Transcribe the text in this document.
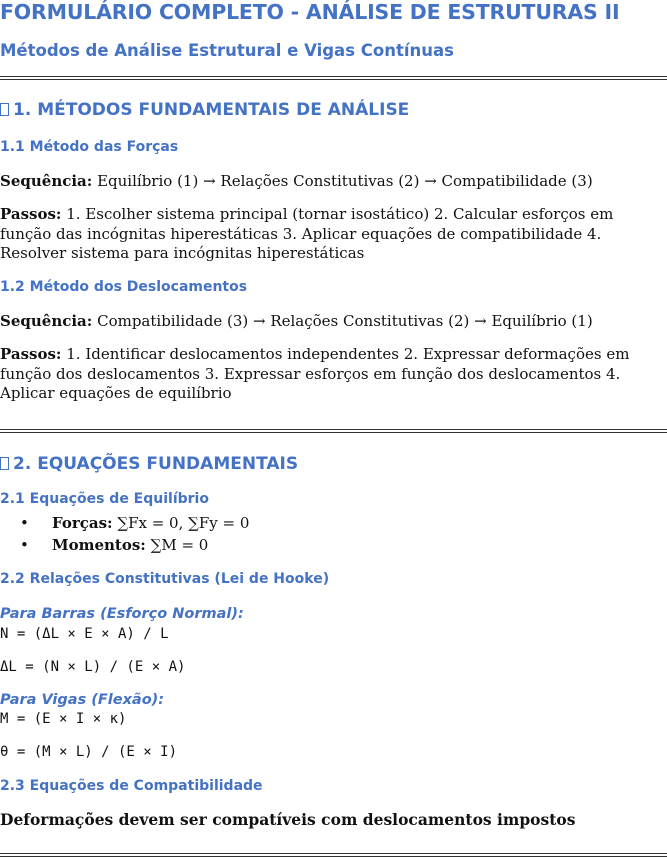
FORMULÁRIO COMPLETO - ANÁLISE DE ESTRUTURAS II
Métodos de Análise Estrutural e Vigas Contínuas
1. MÉTODOS FUNDAMENTAIS DE ANÁLISE
1.1 Método das Forças
Sequência: Equilíbrio (1) → Relações Constitutivas (2) → Compatibilidade (3)
Passos: 1. Escolher sistema principal (tornar isostático) 2. Calcular esforços em função das incógnitas hiperestáticas 3. Aplicar equações de compatibilidade 4. Resolver sistema para incógnitas hiperestáticas
1.2 Método dos Deslocamentos
Sequência: Compatibilidade (3) → Relações Constitutivas (2) → Equilíbrio (1)
Passos: 1. Identificar deslocamentos independentes 2. Expressar deformações em função dos deslocamentos 3. Expressar esforços em função dos deslocamentos 4. Aplicar equações de equilíbrio
2. EQUAÇÕES FUNDAMENTAIS
2.1 Equações de Equilíbrio
• Forças: ∑Fx = 0, ∑Fy = 0
• Momentos: ∑M = 0
2.2 Relações Constitutivas (Lei de Hooke)
Para Barras (Esforço Normal):
N = (ΔL × E × A) / L
ΔL = (N × L) / (E × A)
Para Vigas (Flexão):
M = (E × I × κ)
θ = (M × L) / (E × I)
2.3 Equações de Compatibilidade
Deformações devem ser compatíveis com deslocamentos impostos
